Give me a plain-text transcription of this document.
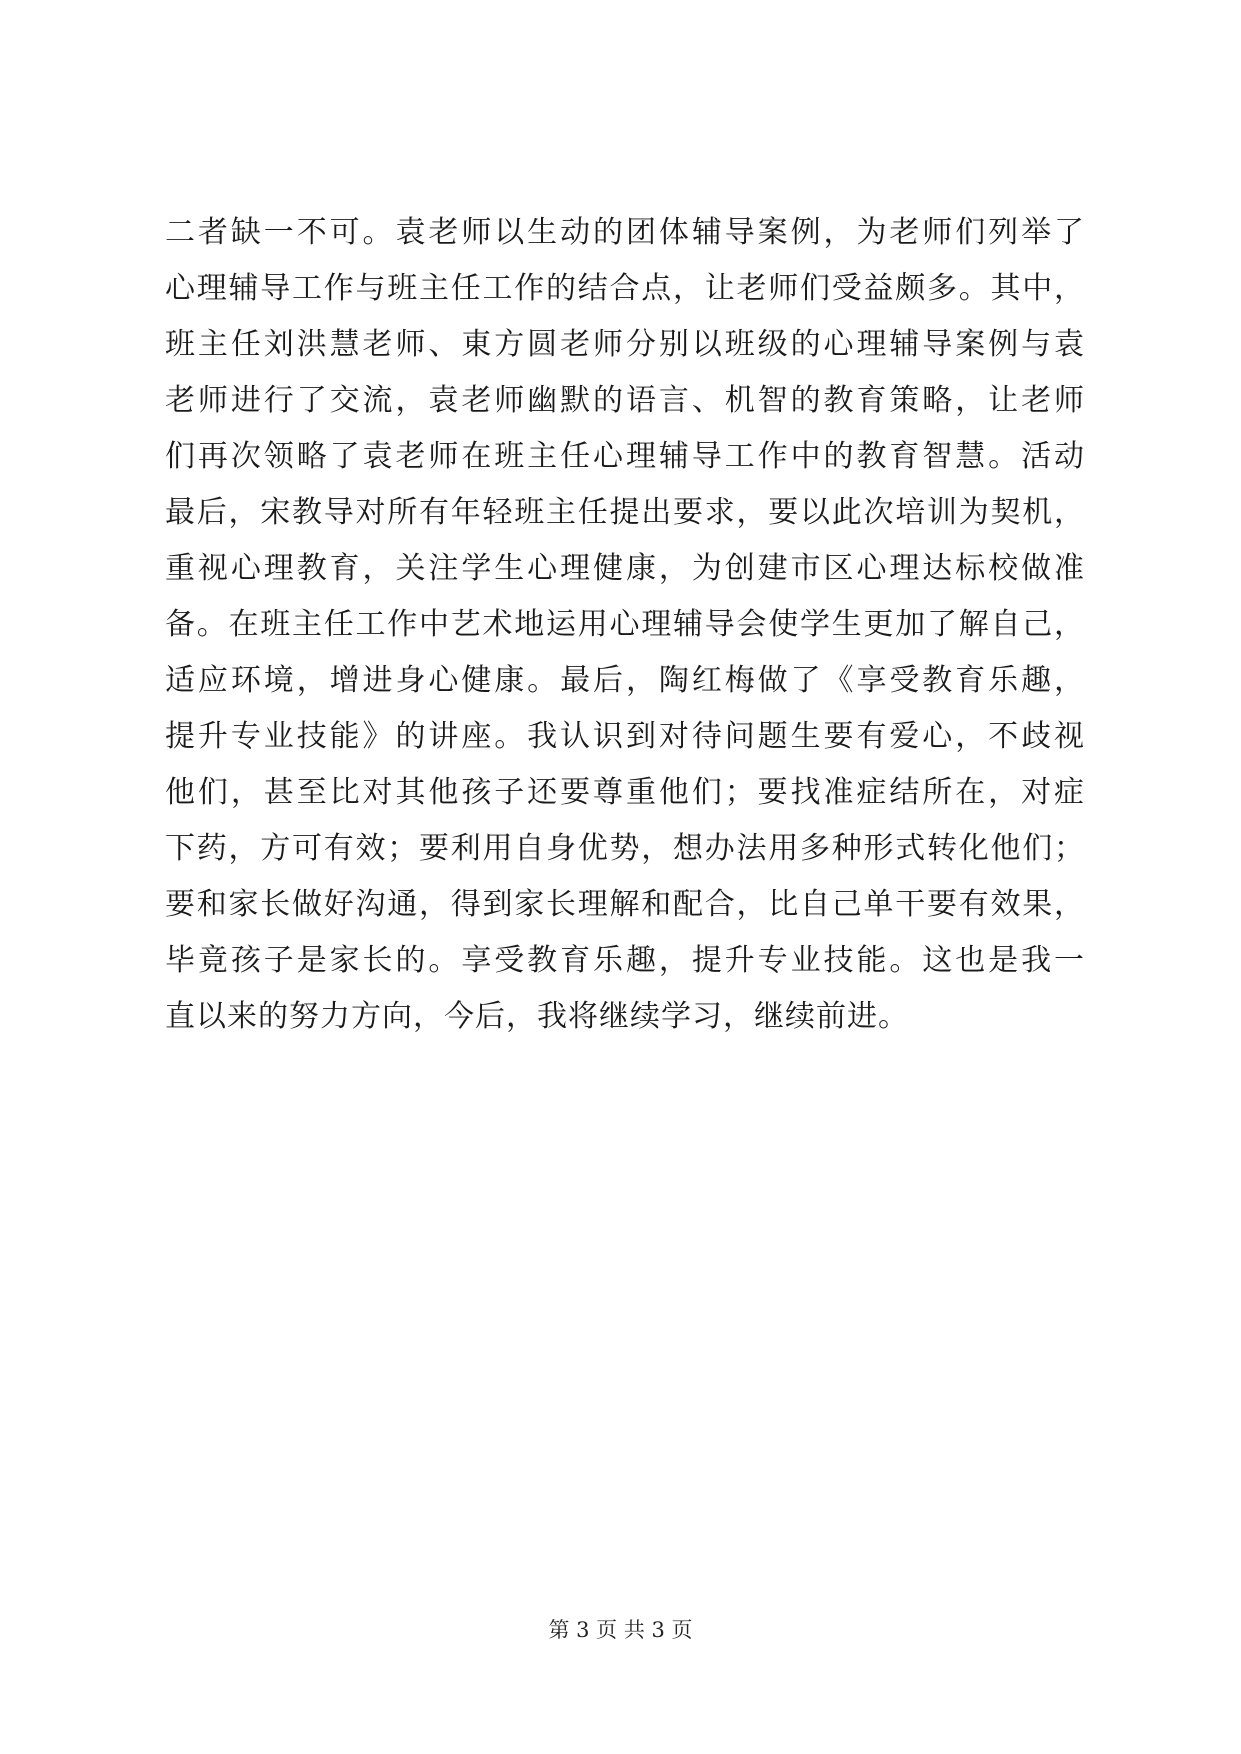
二者缺一不可。袁老师以生动的团体辅导案例，为老师们列举了
心理辅导工作与班主任工作的结合点，让老师们受益颇多。其中，
班主任刘洪慧老师、東方圆老师分别以班级的心理辅导案例与袁
老师进行了交流，袁老师幽默的语言、机智的教育策略，让老师
们再次领略了袁老师在班主任心理辅导工作中的教育智慧。活动
最后，宋教导对所有年轻班主任提出要求，要以此次培训为契机，
重视心理教育，关注学生心理健康，为创建市区心理达标校做准
备。在班主任工作中艺术地运用心理辅导会使学生更加了解自己，
适应环境，增进身心健康。最后，陶红梅做了《享受教育乐趣，
提升专业技能》的讲座。我认识到对待问题生要有爱心，不歧视
他们，甚至比对其他孩子还要尊重他们；要找准症结所在，对症
下药，方可有效；要利用自身优势，想办法用多种形式转化他们；
要和家长做好沟通，得到家长理解和配合，比自己单干要有效果，
毕竟孩子是家长的。享受教育乐趣，提升专业技能。这也是我一
直以来的努力方向，今后，我将继续学习，继续前进。
第 3 页 共 3 页
